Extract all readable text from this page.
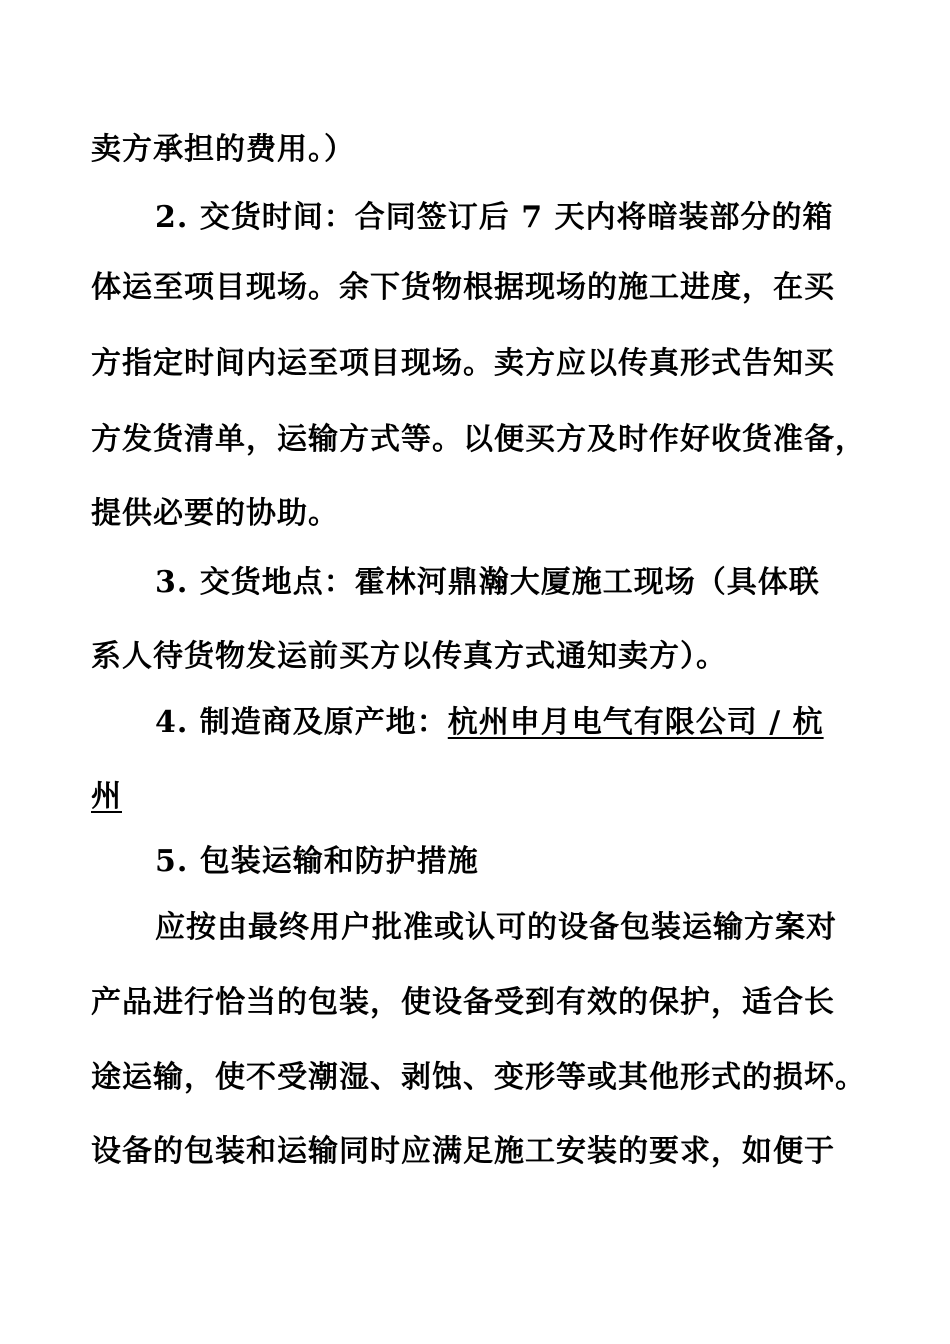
卖方承担的费用。）
2. 交货时间：合同签订后 7 天内将暗装部分的箱
体运至项目现场。余下货物根据现场的施工进度，在买
方指定时间内运至项目现场。卖方应以传真形式告知买
方发货清单，运输方式等。以便买方及时作好收货准备，
提供必要的协助。
3. 交货地点：霍林河鼎瀚大厦施工现场（具体联
系人待货物发运前买方以传真方式通知卖方）。
4. 制造商及原产地：杭州申月电气有限公司 / 杭
州
5. 包装运输和防护措施
应按由最终用户批准或认可的设备包装运输方案对
产品进行恰当的包装，使设备受到有效的保护，适合长
途运输，使不受潮湿、剥蚀、变形等或其他形式的损坏。
设备的包装和运输同时应满足施工安装的要求，如便于
